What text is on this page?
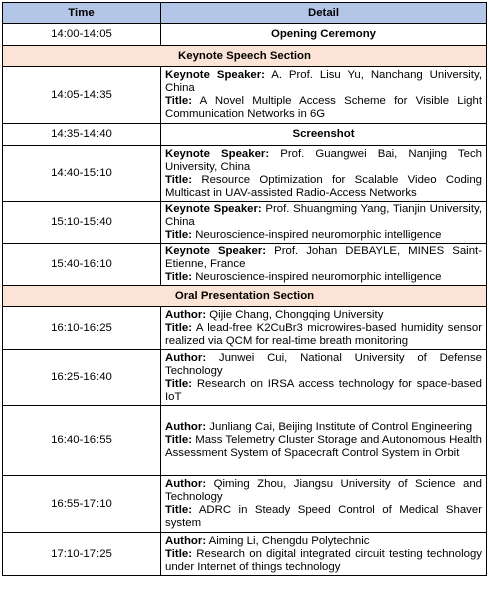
Time	Detail
14:00-14:05	Opening Ceremony
Keynote Speech Section	
14:05-14:35	Keynote Speaker: A. Prof. Lisu Yu, Nanchang University, China
Title: A Novel Multiple Access Scheme for Visible Light Communication Networks in 6G

14:35-14:40	Screenshot
14:40-15:10	Keynote Speaker: Prof. Guangwei Bai, Nanjing Tech University, China
Title: Resource Optimization for Scalable Video Coding Multicast in UAV-assisted Radio-Access Networks

15:10-15:40	Keynote Speaker: Prof. Shuangming Yang, Tianjin University, China
Title: Neuroscience-inspired neuromorphic intelligence

15:40-16:10	Keynote Speaker: Prof. Johan DEBAYLE, MINES Saint-Etienne, France
Title: Neuroscience-inspired neuromorphic intelligence

Oral Presentation Section	
16:10-16:25	Author: Qijie Chang, Chongqing University
Title: A lead-free K2CuBr3 microwires-based humidity sensor realized via QCM for real-time breath monitoring

16:25-16:40	Author: Junwei Cui, National University of Defense Technology
Title: Research on IRSA access technology for space-based IoT

16:40-16:55	Author: Junliang Cai, Beijing Institute of Control Engineering
Title: Mass Telemetry Cluster Storage and Autonomous Health Assessment System of Spacecraft Control System in Orbit

16:55-17:10	Author: Qiming Zhou, Jiangsu University of Science and Technology
Title: ADRC in Steady Speed Control of Medical Shaver system

17:10-17:25	Author: Aiming Li, Chengdu Polytechnic
Title: Research on digital integrated circuit testing technology under Internet of things technology
